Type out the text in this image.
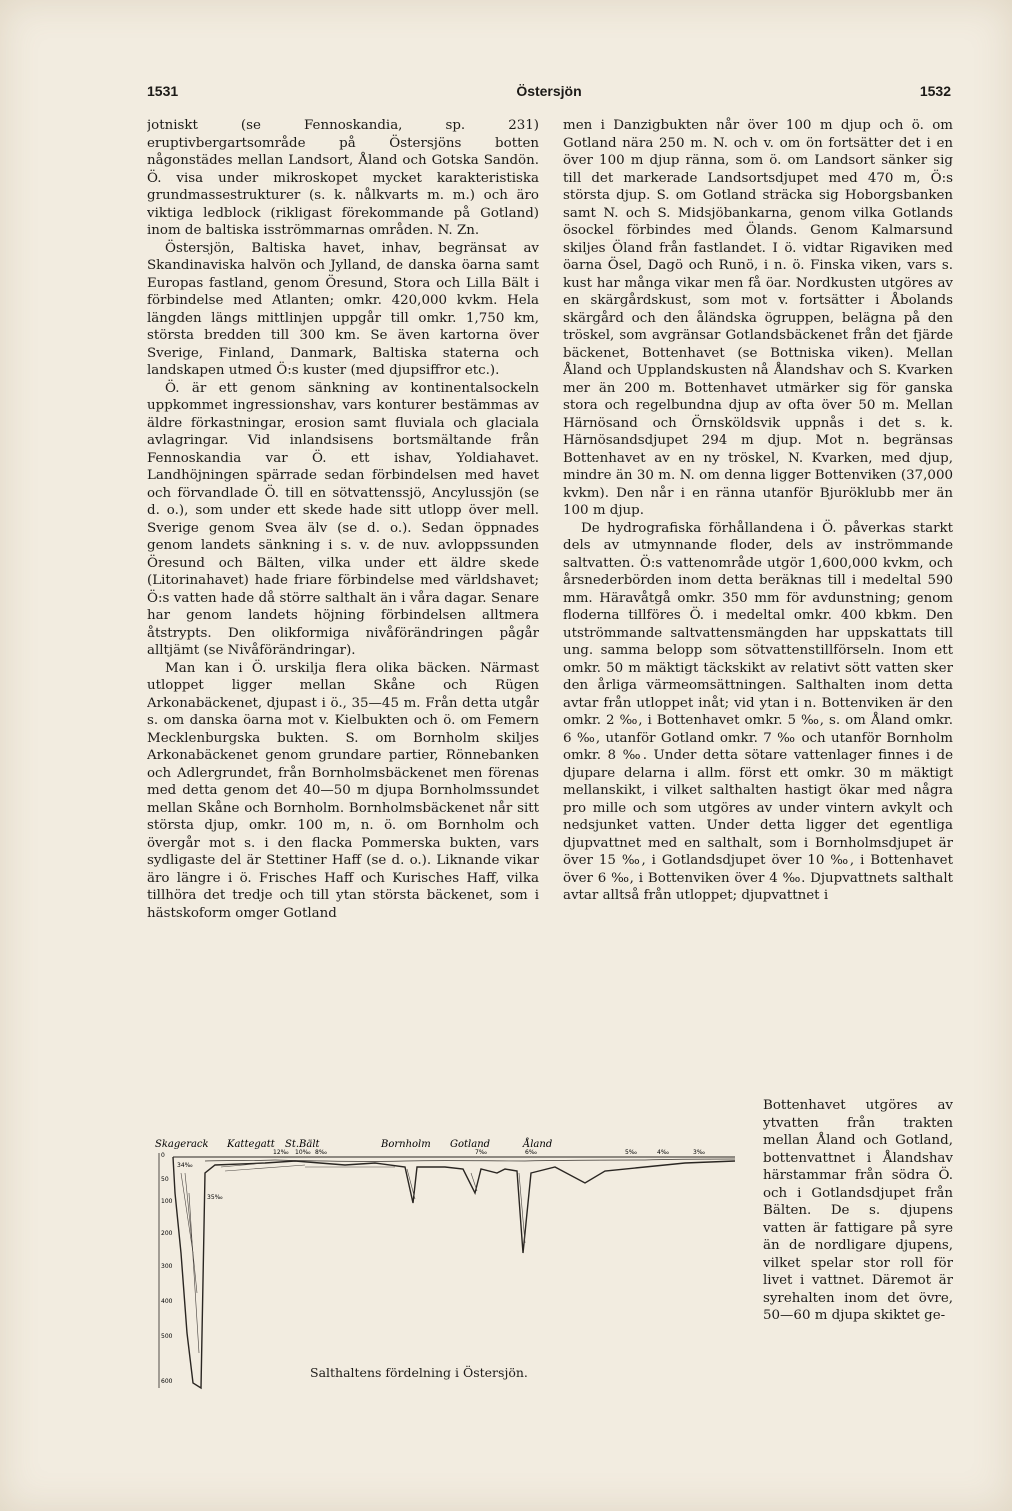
1531	Östersjön	1532

jotniskt (se Fennoskandia, sp. 231) eruptivbergartsområde på Östersjöns botten någonstädes mellan Landsort, Åland och Gotska Sandön. Ö. visa under mikroskopet mycket karakteristiska grundmassestrukturer (s. k. nålkvarts m. m.) och äro viktiga ledblock (rikligast förekommande på Gotland) inom de baltiska isströmmarnas områden. N. Zn.

Östersjön, Baltiska havet, inhav, begränsat av Skandinaviska halvön och Jylland, de danska öarna samt Europas fastland, genom Öresund, Stora och Lilla Bält i förbindelse med Atlanten; omkr. 420,000 kvkm. Hela längden längs mittlinjen uppgår till omkr. 1,750 km, största bredden till 300 km. Se även kartorna över Sverige, Finland, Danmark, Baltiska staterna och landskapen utmed Ö:s kuster (med djupsiffror etc.).

Ö. är ett genom sänkning av kontinentalsockeln uppkommet ingressionshav, vars konturer bestämmas av äldre förkastningar, erosion samt fluviala och glaciala avlagringar. Vid inlandsisens bortsmältande från Fennoskandia var Ö. ett ishav, Yoldiahavet. Landhöjningen spärrade sedan förbindelsen med havet och förvandlade Ö. till en sötvattenssjö, Ancylussjön (se d. o.), som under ett skede hade sitt utlopp över mell. Sverige genom Svea älv (se d. o.). Sedan öppnades genom landets sänkning i s. v. de nuv. avloppssunden Öresund och Bälten, vilka under ett äldre skede (Litorinahavet) hade friare förbindelse med världshavet; Ö:s vatten hade då större salthalt än i våra dagar. Senare har genom landets höjning förbindelsen alltmera åtstrypts. Den olikformiga nivåförändringen pågår alltjämt (se Nivåförändringar).

Man kan i Ö. urskilja flera olika bäcken. Närmast utloppet ligger mellan Skåne och Rügen Arkonabäckenet, djupast i ö., 35—45 m. Från detta utgår s. om danska öarna mot v. Kielbukten och ö. om Femern Mecklenburgska bukten. S. om Bornholm skiljes Arkonabäckenet genom grundare partier, Rönnebanken och Adlergrundet, från Bornholmsbäckenet men förenas med detta genom det 40—50 m djupa Bornholmssundet mellan Skåne och Bornholm. Bornholmsbäckenet når sitt största djup, omkr. 100 m, n. ö. om Bornholm och övergår mot s. i den flacka Pommerska bukten, vars sydligaste del är Stettiner Haff (se d. o.). Liknande vikar äro längre i ö. Frisches Haff och Kurisches Haff, vilka tillhöra det tredje och till ytan största bäckenet, som i hästskoform omger Gotland

men i Danzigbukten når över 100 m djup och ö. om Gotland nära 250 m. N. och v. om ön fortsätter det i en över 100 m djup ränna, som ö. om Landsort sänker sig till det markerade Landsortsdjupet med 470 m, Ö:s största djup. S. om Gotland sträcka sig Hoborgsbanken samt N. och S. Midsjöbankarna, genom vilka Gotlands ösockel förbindes med Ölands. Genom Kalmarsund skiljes Öland från fastlandet. I ö. vidtar Rigaviken med öarna Ösel, Dagö och Runö, i n. ö. Finska viken, vars s. kust har många vikar men få öar. Nordkusten utgöres av en skärgårdskust, som mot v. fortsätter i Åbolands skärgård och den åländska ögruppen, belägna på den tröskel, som avgränsar Gotlandsbäckenet från det fjärde bäckenet, Bottenhavet (se Bottniska viken). Mellan Åland och Upplandskusten nå Ålandshav och S. Kvarken mer än 200 m. Bottenhavet utmärker sig för ganska stora och regelbundna djup av ofta över 50 m. Mellan Härnösand och Örnsköldsvik uppnås i det s. k. Härnösandsdjupet 294 m djup. Mot n. begränsas Bottenhavet av en ny tröskel, N. Kvarken, med djup, mindre än 30 m. N. om denna ligger Bottenviken (37,000 kvkm). Den når i en ränna utanför Bjuröklubb mer än 100 m djup.

De hydrografiska förhållandena i Ö. påverkas starkt dels av utmynnande floder, dels av inströmmande saltvatten. Ö:s vattenområde utgör 1,600,000 kvkm, och årsnederbörden inom detta beräknas till i medeltal 590 mm. Häravåtgå omkr. 350 mm för avdunstning; genom floderna tillföres Ö. i medeltal omkr. 400 kbkm. Den utströmmande saltvattensmängden har uppskattats till ung. samma belopp som sötvattenstillförseln. Inom ett omkr. 50 m mäktigt täckskikt av relativt sött vatten sker den årliga värmeomsättningen. Salthalten inom detta avtar från utloppet inåt; vid ytan i n. Bottenviken är den omkr. 2 ‰, i Bottenhavet omkr. 5 ‰, s. om Åland omkr. 6 ‰, utanför Gotland omkr. 7 ‰ och utanför Bornholm omkr. 8 ‰. Under detta sötare vattenlager finnes i de djupare delarna i allm. först ett omkr. 30 m mäktigt mellanskikt, i vilket salthalten hastigt ökar med några pro mille och som utgöres av under vintern avkylt och nedsjunket vatten. Under detta ligger det egentliga djupvattnet med en salthalt, som i Bornholmsdjupet är över 15 ‰, i Gotlandsdjupet över 10 ‰, i Bottenhavet över 6 ‰, i Bottenviken över 4 ‰. Djupvattnets salthalt avtar alltså från utloppet; djupvattnet i

Bottenhavet utgöres av ytvatten från trakten mellan Åland och Gotland, bottenvattnet i Ålandshav härstammar från södra Ö. och i Gotlandsdjupet från Bälten. De s. djupens vatten är fattigare på syre än de nordligare djupens, vilket spelar stor roll för livet i vattnet. Däremot är syrehalten inom det övre, 50—60 m djupa skiktet ge-
Skagerack Kattegatt St.Bält	Bornholm Gotland	Åland
0
50
100
200
300
400
500
600
34‰
12‰ 10‰ 8‰	7‰	6‰	5‰	4‰	3‰
35‰
Salthaltens fördelning i Östersjön.
